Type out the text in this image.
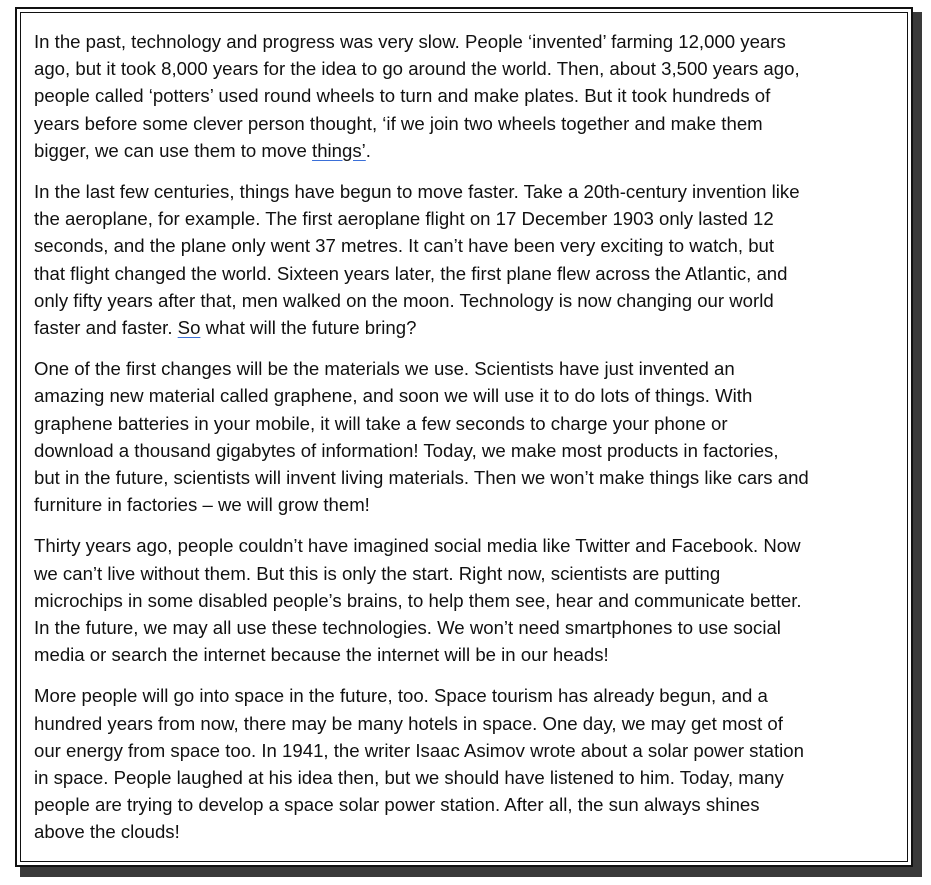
In the past, technology and progress was very slow. People ‘invented’ farming 12,000 years
ago, but it took 8,000 years for the idea to go around the world. Then, about 3,500 years ago,
people called ‘potters’ used round wheels to turn and make plates. But it took hundreds of
years before some clever person thought, ‘if we join two wheels together and make them
bigger, we can use them to move things’.

In the last few centuries, things have begun to move faster. Take a 20th-century invention like
the aeroplane, for example. The first aeroplane flight on 17 December 1903 only lasted 12
seconds, and the plane only went 37 metres. It can’t have been very exciting to watch, but
that flight changed the world. Sixteen years later, the first plane flew across the Atlantic, and
only fifty years after that, men walked on the moon. Technology is now changing our world
faster and faster. So what will the future bring?

One of the first changes will be the materials we use. Scientists have just invented an
amazing new material called graphene, and soon we will use it to do lots of things. With
graphene batteries in your mobile, it will take a few seconds to charge your phone or
download a thousand gigabytes of information! Today, we make most products in factories,
but in the future, scientists will invent living materials. Then we won’t make things like cars and
furniture in factories – we will grow them!

Thirty years ago, people couldn’t have imagined social media like Twitter and Facebook. Now
we can’t live without them. But this is only the start. Right now, scientists are putting
microchips in some disabled people’s brains, to help them see, hear and communicate better.
In the future, we may all use these technologies. We won’t need smartphones to use social
media or search the internet because the internet will be in our heads!

More people will go into space in the future, too. Space tourism has already begun, and a
hundred years from now, there may be many hotels in space. One day, we may get most of
our energy from space too. In 1941, the writer Isaac Asimov wrote about a solar power station
in space. People laughed at his idea then, but we should have listened to him. Today, many
people are trying to develop a space solar power station. After all, the sun always shines
above the clouds!
